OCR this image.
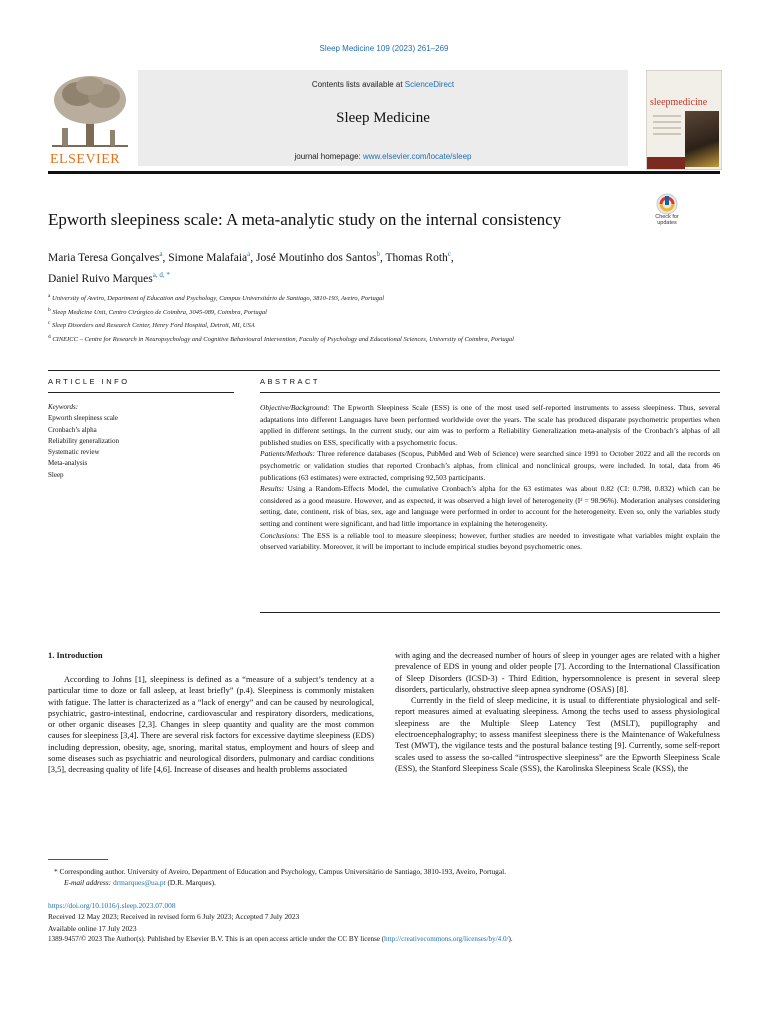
Sleep Medicine 109 (2023) 261–269
ELSEVIER
Contents lists available at ScienceDirect
Sleep Medicine
journal homepage: www.elsevier.com/locate/sleep
sleepmedicine
Epworth sleepiness scale: A meta-analytic study on the internal consistency	Check for updates
Maria Teresa Gonçalves$^a$, Simone Malafaia$^a$, José Moutinho dos Santos$^b$, Thomas Roth$^c$,
Daniel Ruivo Marques$^{a, d, *}$
$^a$ University of Aveiro, Department of Education and Psychology, Campus Universitário de Santiago, 3810-193, Aveiro, Portugal
$^b$ Sleep Medicine Unit, Centro Cirúrgico de Coimbra, 3045-089, Coimbra, Portugal
$^c$ Sleep Disorders and Research Center, Henry Ford Hospital, Detroit, MI, USA
$^d$ CINEICC – Centre for Research in Neuropsychology and Cognitive Behavioural Intervention, Faculty of Psychology and Educational Sciences, University of Coimbra, Portugal
ARTICLE INFO	ABSTRACT
Keywords:
Epworth sleepiness scale
Cronbach’s alpha
Reliability generalization
Systematic review
Meta-analysis
Sleep

Objective/Background: The Epworth Sleepiness Scale (ESS) is one of the most used self-reported instruments to assess sleepiness. Thus, several adaptations into different Languages have been performed worldwide over the years. The scale has produced disparate psychometric properties when applied in different settings. In the current study, our aim was to perform a Reliability Generalization meta-analysis of the Cronbach’s alphas of all published studies on ESS, specifically with a psychometric focus.

Patients/Methods: Three reference databases (Scopus, PubMed and Web of Science) were searched since 1991 to October 2022 and all the records on psychometric or validation studies that reported Cronbach’s alphas, from clinical and nonclinical groups, were included. In total, data from 46 publications (63 estimates) were extracted, comprising 92,503 participants.

Results: Using a Random-Effects Model, the cumulative Cronbach’s alpha for the 63 estimates was about 0.82 (CI: 0.798, 0.832) which can be considered as a good measure. However, and as expected, it was observed a high level of heterogeneity (I² = 98.96%). Moderation analyses considering setting, date, continent, risk of bias, sex, age and language were performed in order to account for the heterogeneity. Even so, only the variables study setting and continent were significant, and had little importance in explaining the heterogeneity.

Conclusions: The ESS is a reliable tool to measure sleepiness; however, further studies are needed to investigate what variables might explain the observed variability. Moreover, it will be important to include empirical studies beyond psychometric ones.

1. Introduction

According to Johns [1], sleepiness is defined as a “measure of a subject’s tendency at a particular time to doze or fall asleep, at least briefly” (p.4). Sleepiness is commonly mistaken with fatigue. The latter is characterized as a “lack of energy” and can be caused by neurological, psychiatric, gastro-intestinal, endocrine, cardiovascular and respiratory disorders, medications, or other organic diseases [2,3]. Changes in sleep quantity and quality are the most common causes for sleepiness [3,4]. There are several risk factors for excessive daytime sleepiness (EDS) including depression, obesity, age, snoring, marital status, employment and hours of sleep and some diseases such as psychiatric and neurological disorders, pulmonary and cardiac conditions [3,5], decreasing quality of life [4,6]. Increase of diseases and health problems associated

with aging and the decreased number of hours of sleep in younger ages are related with a higher prevalence of EDS in young and older people [7]. According to the International Classification of Sleep Disorders (ICSD-3) - Third Edition, hypersomnolence is present in several sleep disorders, particularly, obstructive sleep apnea syndrome (OSAS) [8].

Currently in the field of sleep medicine, it is usual to differentiate physiological and self-report measures aimed at evaluating sleepiness. Among the techs used to assess physiological sleepiness are the Multiple Sleep Latency Test (MSLT), pupillography and electroencephalography; to assess manifest sleepiness there is the Maintenance of Wakefulness Test (MWT), the vigilance tests and the postural balance testing [9]. Currently, some self-report scales used to assess the so-called “introspective sleepiness” are the Epworth Sleepiness Scale (ESS), the Stanford Sleepiness Scale (SSS), the Karolinska Sleepiness Scale (KSS), the

* Corresponding author. University of Aveiro, Department of Education and Psychology, Campus Universitário de Santiago, 3810-193, Aveiro, Portugal.
E-mail address: drmarques@ua.pt (D.R. Marques).
https://doi.org/10.1016/j.sleep.2023.07.008
Received 12 May 2023; Received in revised form 6 July 2023; Accepted 7 July 2023
Available online 17 July 2023
1389-9457/© 2023 The Author(s). Published by Elsevier B.V. This is an open access article under the CC BY license (http://creativecommons.org/licenses/by/4.0/).
